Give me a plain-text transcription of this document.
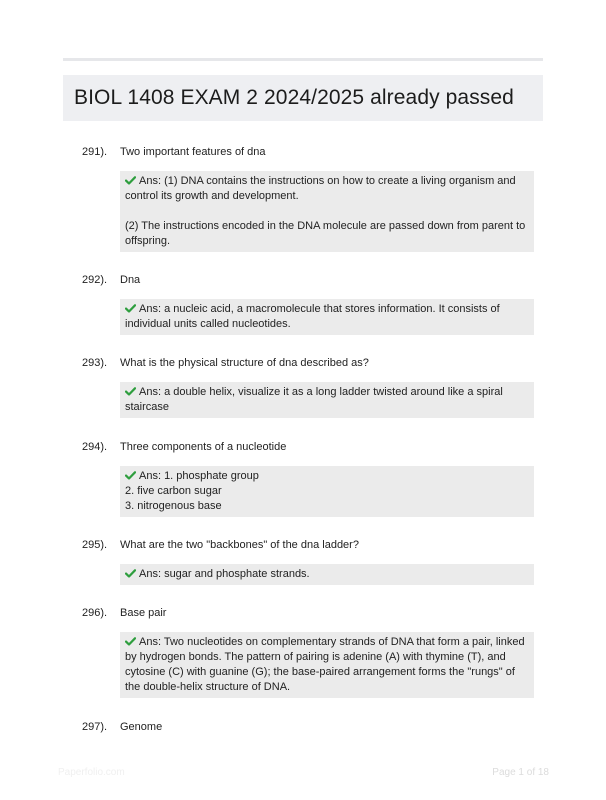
BIOL 1408 EXAM 2 2024/2025 already passed
291).	Two important features of dna

Ans: (1) DNA contains the instructions on how to create a living organism and control its growth and development.

(2) The instructions encoded in the DNA molecule are passed down from parent to offspring.

292).	Dna

Ans: a nucleic acid, a macromolecule that stores information. It consists of individual units called nucleotides.

293).	What is the physical structure of dna described as?

Ans: a double helix, visualize it as a long ladder twisted around like a spiral staircase

294).	Three components of a nucleotide

Ans: 1. phosphate group

2. five carbon sugar

3. nitrogenous base

295).	What are the two "backbones" of the dna ladder?

Ans: sugar and phosphate strands.

296).	Base pair

Ans: Two nucleotides on complementary strands of DNA that form a pair, linked by hydrogen bonds. The pattern of pairing is adenine (A) with thymine (T), and cytosine (C) with guanine (G); the base-paired arrangement forms the "rungs" of the double-helix structure of DNA.

297).	Genome
Paperfolio.com	Page 1 of 18
